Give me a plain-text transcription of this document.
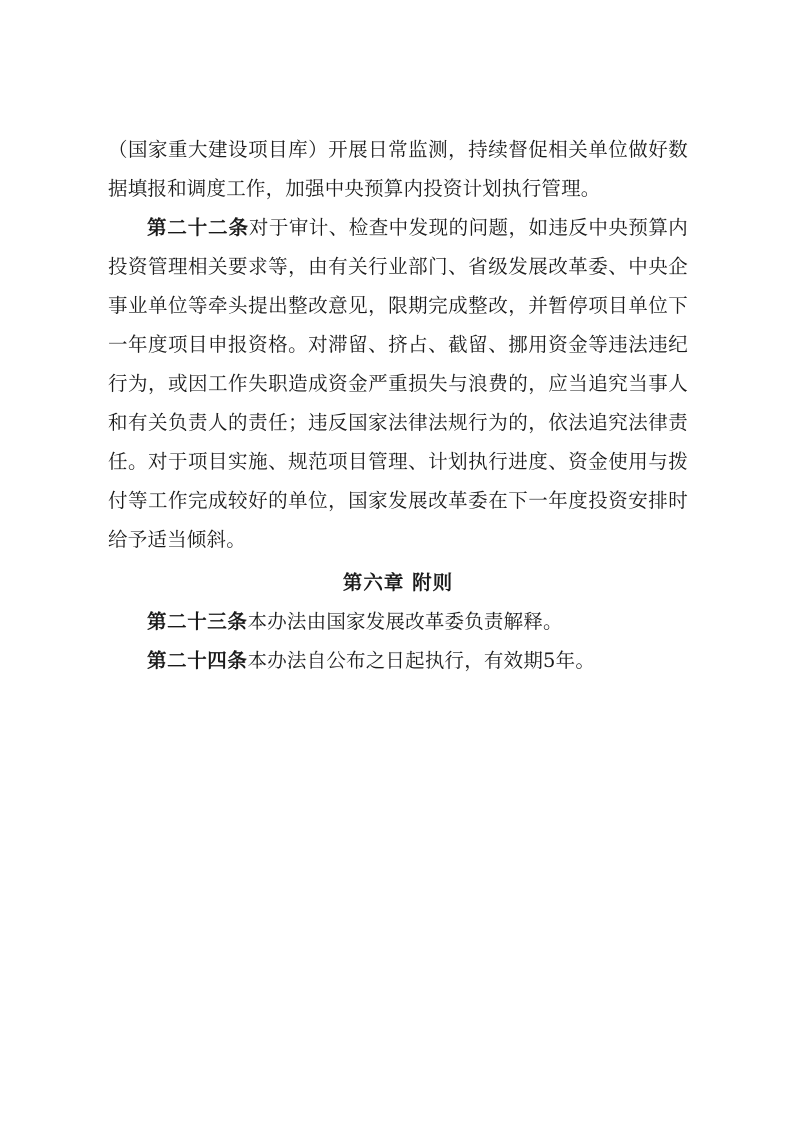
（国家重大建设项目库）开展日常监测，持续督促相关单位做好数据填报和调度工作，加强中央预算内投资计划执行管理。

第二十二条对于审计、检查中发现的问题，如违反中央预算内投资管理相关要求等，由有关行业部门、省级发展改革委、中央企事业单位等牵头提出整改意见，限期完成整改，并暂停项目单位下一年度项目申报资格。对滞留、挤占、截留、挪用资金等违法违纪行为，或因工作失职造成资金严重损失与浪费的，应当追究当事人和有关负责人的责任；违反国家法律法规行为的，依法追究法律责任。对于项目实施、规范项目管理、计划执行进度、资金使用与拨付等工作完成较好的单位，国家发展改革委在下一年度投资安排时给予适当倾斜。

第六章 附则

第二十三条本办法由国家发展改革委负责解释。

第二十四条本办法自公布之日起执行，有效期5年。
